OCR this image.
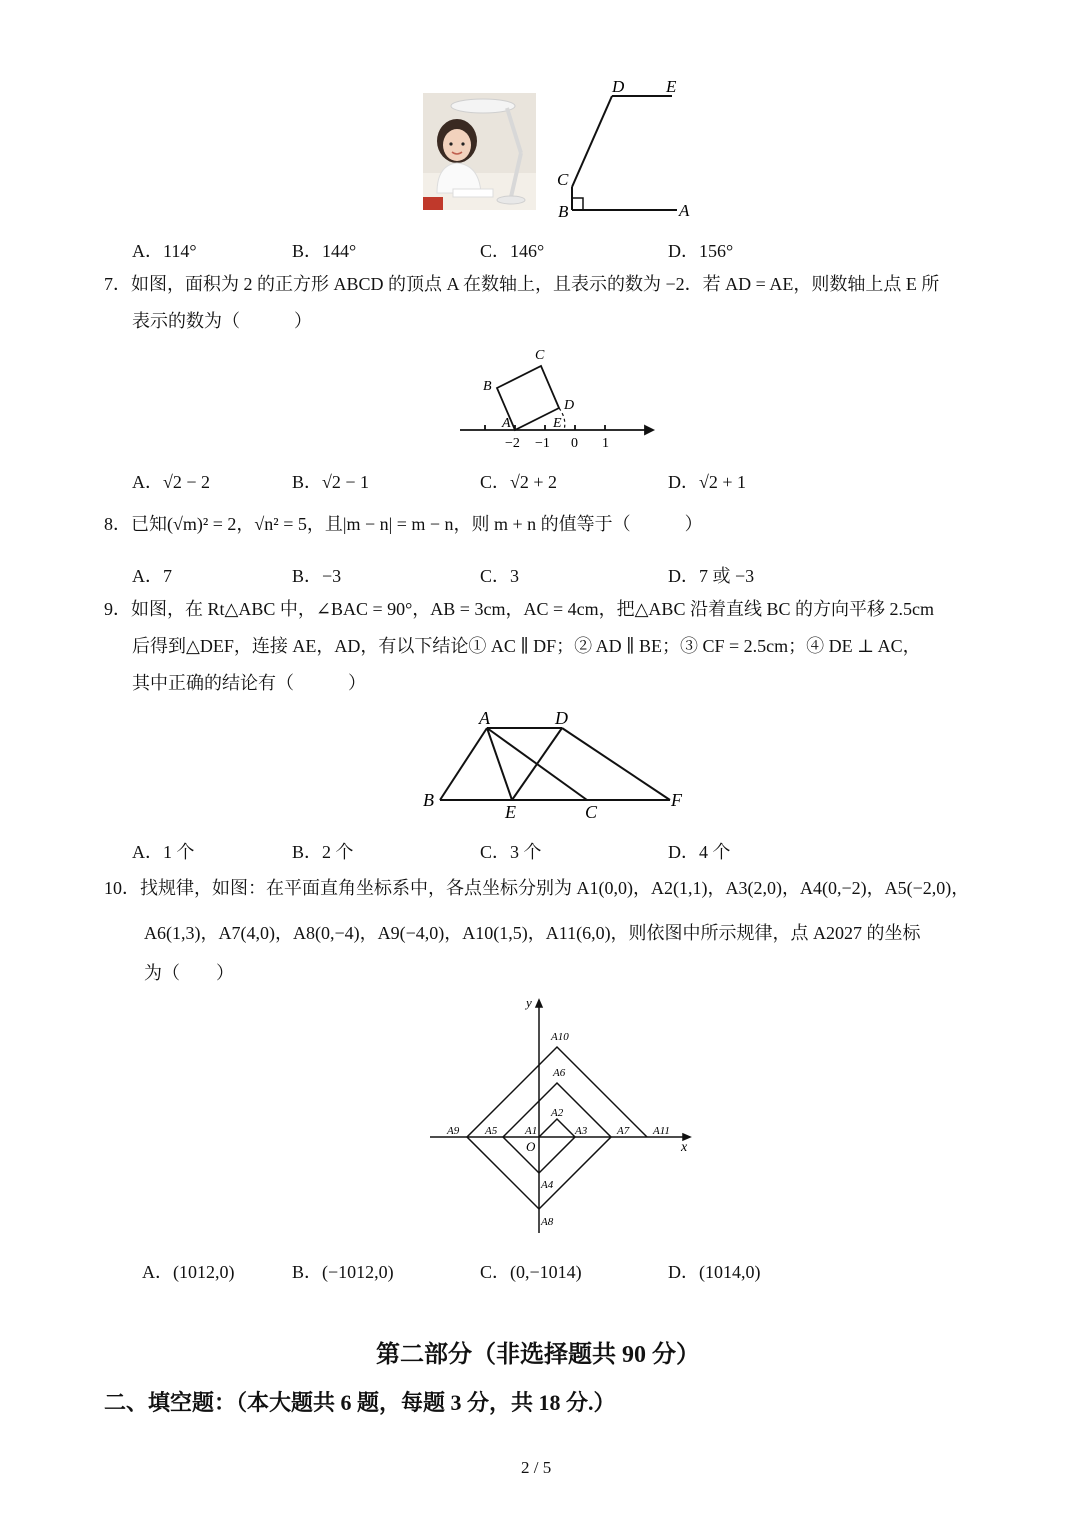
D E
C
B	A
A．114°	B．144°	C．146°	D．156°
7．如图，面积为 2 的正方形 ABCD 的顶点 A 在数轴上，且表示的数为 −2．若 AD = AE，则数轴上点 E 所
表示的数为（　　　）
A
B
C
D
E
−2 −1 0 1
A．√2 − 2	B．√2 − 1	C．√2 + 2	D．√2 + 1
8．已知(√m)² = 2，√n² = 5，且|m − n| = m − n，则 m + n 的值等于（　　　）
A．7	B．−3	C．3	D．7 或 −3
9．如图，在 Rt△ABC 中，∠BAC = 90°，AB = 3cm，AC = 4cm，把△ABC 沿着直线 BC 的方向平移 2.5cm
后得到△DEF，连接 AE，AD，有以下结论① AC ∥ DF；② AD ∥ BE；③ CF = 2.5cm；④ DE ⊥ AC，
其中正确的结论有（　　　）
A	D
B
E	C
F
A．1 个	B．2 个	C．3 个	D．4 个
10．找规律，如图：在平面直角坐标系中，各点坐标分别为 A1(0,0)，A2(1,1)，A3(2,0)，A4(0,−2)，A5(−2,0)，
A6(1,3)，A7(4,0)，A8(0,−4)，A9(−4,0)，A10(1,5)，A11(6,0)，则依图中所示规律，点 A2027 的坐标
为（　　）
y
x
O
A1
A2
A3
A4
A5
A6
A7
A8
A9
A10
A11
A．(1012,0)	B．(−1012,0)	C．(0,−1014)	D．(1014,0)
第二部分（非选择题共 90 分）
二、填空题：（本大题共 6 题，每题 3 分，共 18 分.）
2 / 5
